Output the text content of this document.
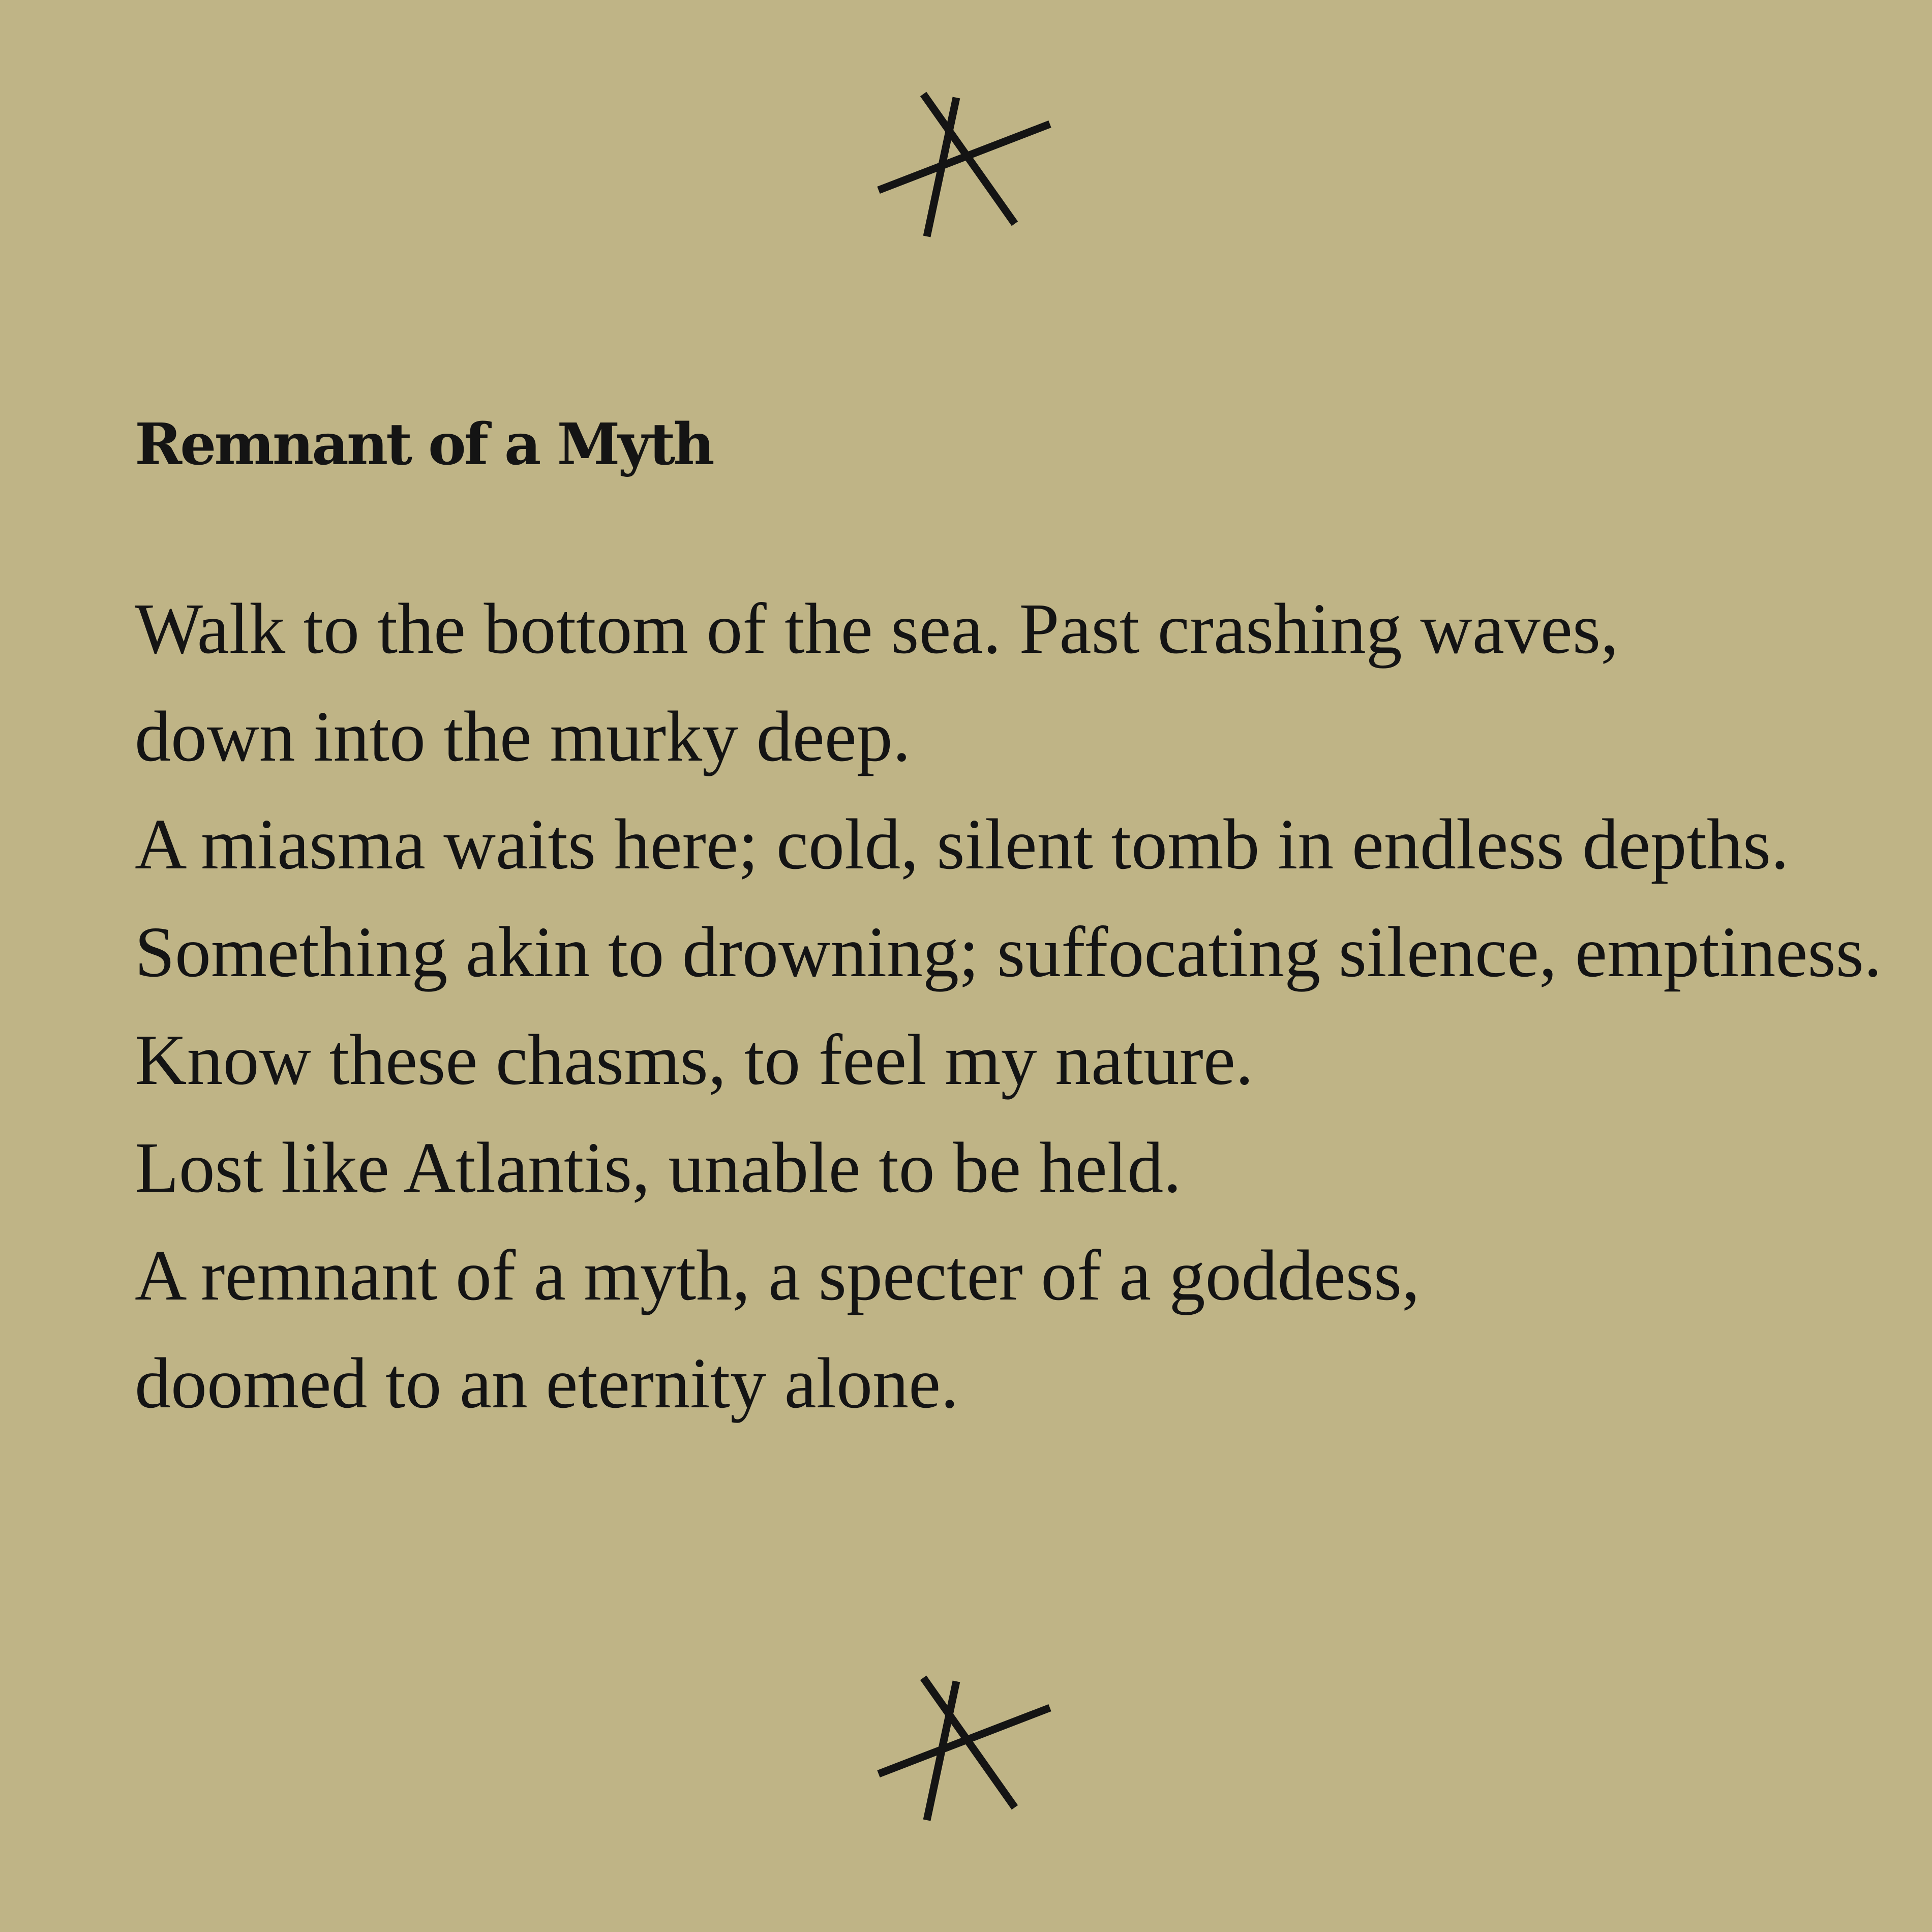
Remnant of a Myth
Walk to the bottom of the sea. Past crashing waves,
down into the murky deep.
A miasma waits here; cold, silent tomb in endless depths.
Something akin to drowning; suffocating silence, emptiness.
Know these chasms, to feel my nature.
Lost like Atlantis, unable to be held.
A remnant of a myth, a specter of a goddess,
doomed to an eternity alone.
